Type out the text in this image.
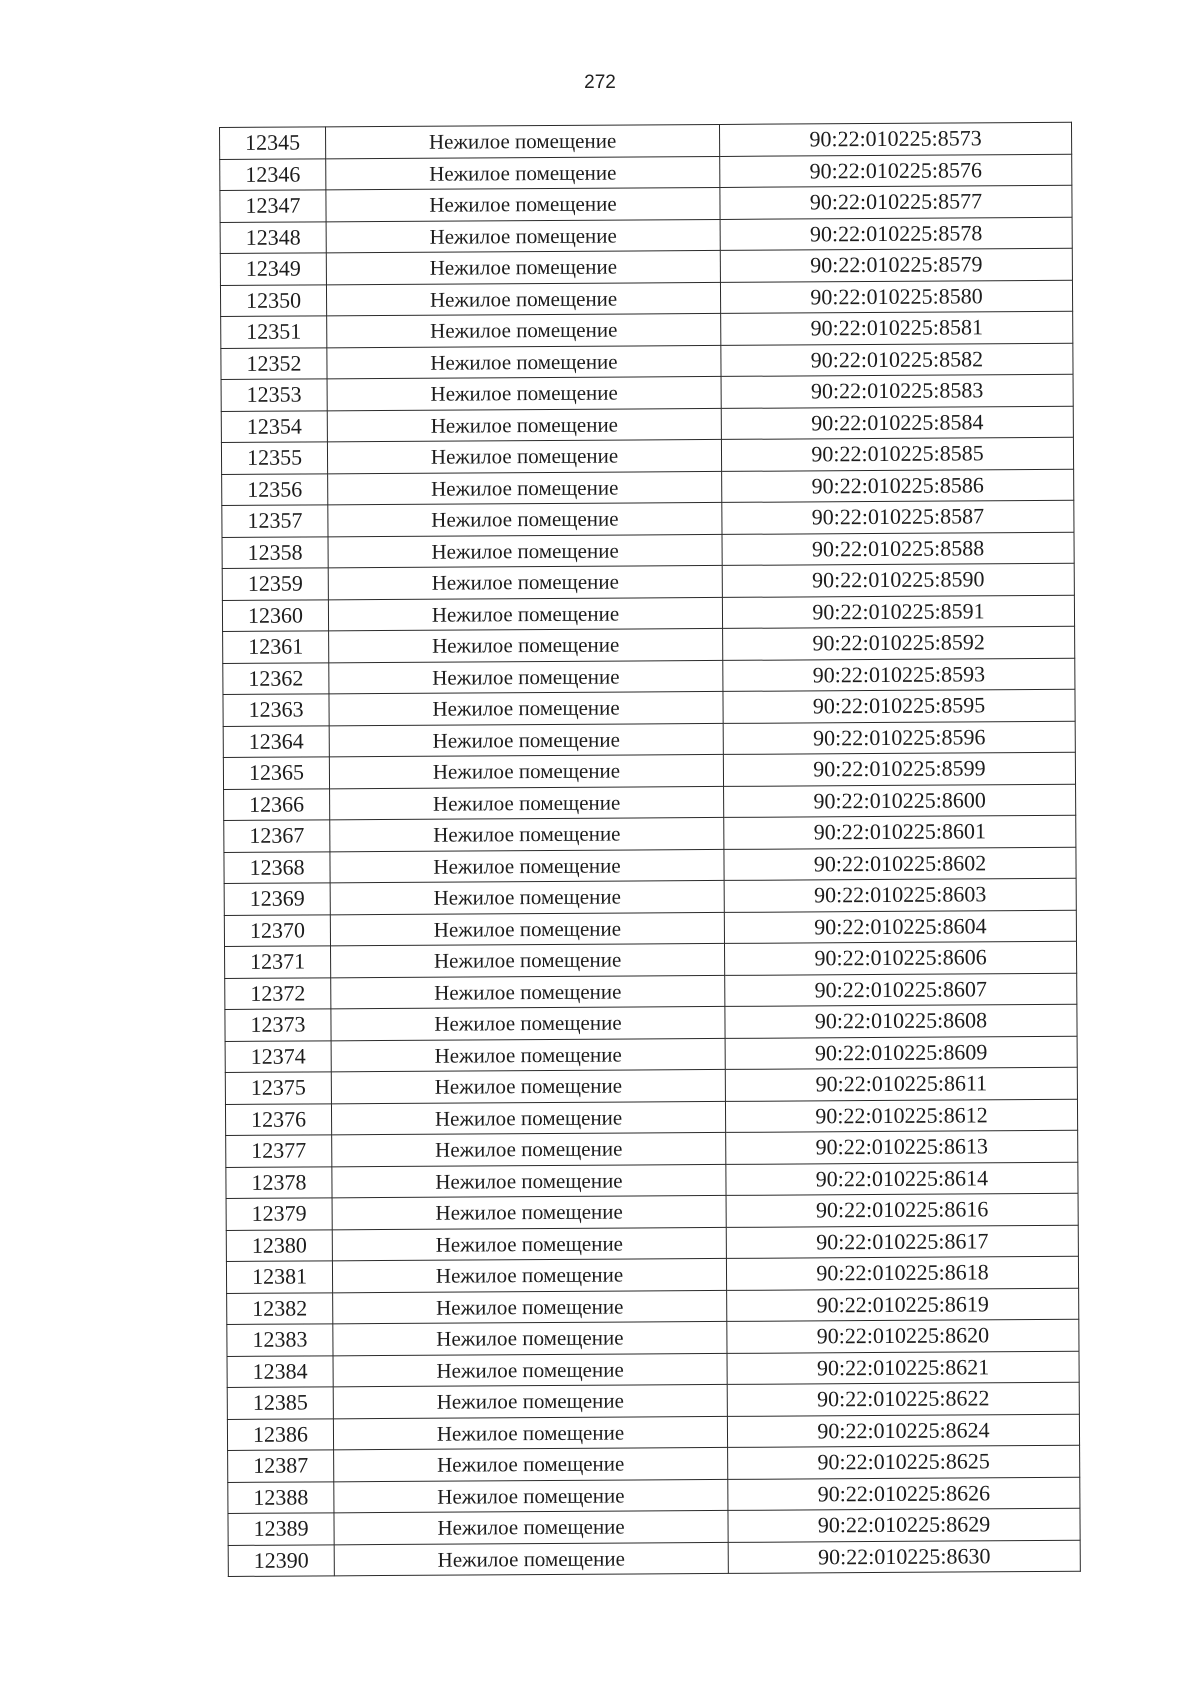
272
12345	Нежилое помещение	90:22:010225:8573
12346	Нежилое помещение	90:22:010225:8576
12347	Нежилое помещение	90:22:010225:8577
12348	Нежилое помещение	90:22:010225:8578
12349	Нежилое помещение	90:22:010225:8579
12350	Нежилое помещение	90:22:010225:8580
12351	Нежилое помещение	90:22:010225:8581
12352	Нежилое помещение	90:22:010225:8582
12353	Нежилое помещение	90:22:010225:8583
12354	Нежилое помещение	90:22:010225:8584
12355	Нежилое помещение	90:22:010225:8585
12356	Нежилое помещение	90:22:010225:8586
12357	Нежилое помещение	90:22:010225:8587
12358	Нежилое помещение	90:22:010225:8588
12359	Нежилое помещение	90:22:010225:8590
12360	Нежилое помещение	90:22:010225:8591
12361	Нежилое помещение	90:22:010225:8592
12362	Нежилое помещение	90:22:010225:8593
12363	Нежилое помещение	90:22:010225:8595
12364	Нежилое помещение	90:22:010225:8596
12365	Нежилое помещение	90:22:010225:8599
12366	Нежилое помещение	90:22:010225:8600
12367	Нежилое помещение	90:22:010225:8601
12368	Нежилое помещение	90:22:010225:8602
12369	Нежилое помещение	90:22:010225:8603
12370	Нежилое помещение	90:22:010225:8604
12371	Нежилое помещение	90:22:010225:8606
12372	Нежилое помещение	90:22:010225:8607
12373	Нежилое помещение	90:22:010225:8608
12374	Нежилое помещение	90:22:010225:8609
12375	Нежилое помещение	90:22:010225:8611
12376	Нежилое помещение	90:22:010225:8612
12377	Нежилое помещение	90:22:010225:8613
12378	Нежилое помещение	90:22:010225:8614
12379	Нежилое помещение	90:22:010225:8616
12380	Нежилое помещение	90:22:010225:8617
12381	Нежилое помещение	90:22:010225:8618
12382	Нежилое помещение	90:22:010225:8619
12383	Нежилое помещение	90:22:010225:8620
12384	Нежилое помещение	90:22:010225:8621
12385	Нежилое помещение	90:22:010225:8622
12386	Нежилое помещение	90:22:010225:8624
12387	Нежилое помещение	90:22:010225:8625
12388	Нежилое помещение	90:22:010225:8626
12389	Нежилое помещение	90:22:010225:8629
12390	Нежилое помещение	90:22:010225:8630
